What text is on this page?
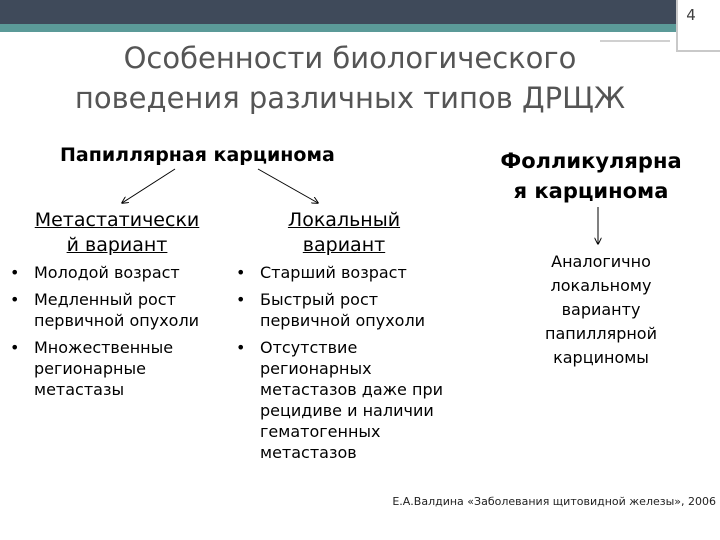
4
Особенности биологического
поведения различных типов ДРЩЖ
Папиллярная карцинома	Фолликулярна
я карцинома
Метастатически
й вариант
Локальный
вариант
• Молодой возраст
• Медленный рост первичной опухоли
• Множественные регионарные метастазы
• Старший возраст
• Быстрый рост первичной опухоли
• Отсутствие регионарных метастазов даже при рецидиве и наличии гематогенных метастазов
Аналогично
локальному
варианту
папиллярной
карциномы
Е.А.Валдина «Заболевания щитовидной железы», 2006
